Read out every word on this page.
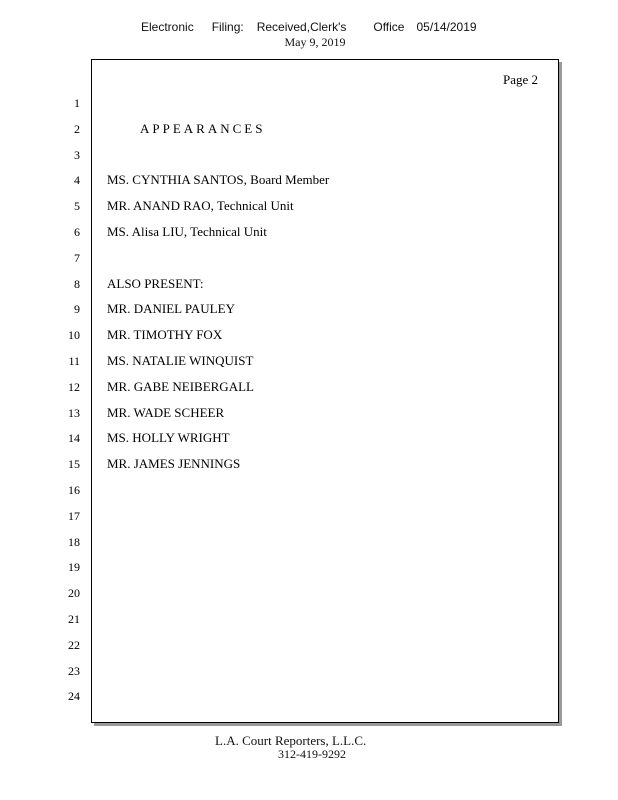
Electronic Filing: Received,Clerk's Office 05/14/2019
May 9, 2019
Page 2
1
2	APPEARANCES
3
4 MS. CYNTHIA SANTOS, Board Member
5 MR. ANAND RAO, Technical Unit
6 MS. Alisa LIU, Technical Unit
7
8 ALSO PRESENT:
9 MR. DANIEL PAULEY
10 MR. TIMOTHY FOX
11 MS. NATALIE WINQUIST
12 MR. GABE NEIBERGALL
13 MR. WADE SCHEER
14 MS. HOLLY WRIGHT
15 MR. JAMES JENNINGS
16
17
18
19
20
21
22
23
24
L.A. Court Reporters, L.L.C.
312-419-9292
